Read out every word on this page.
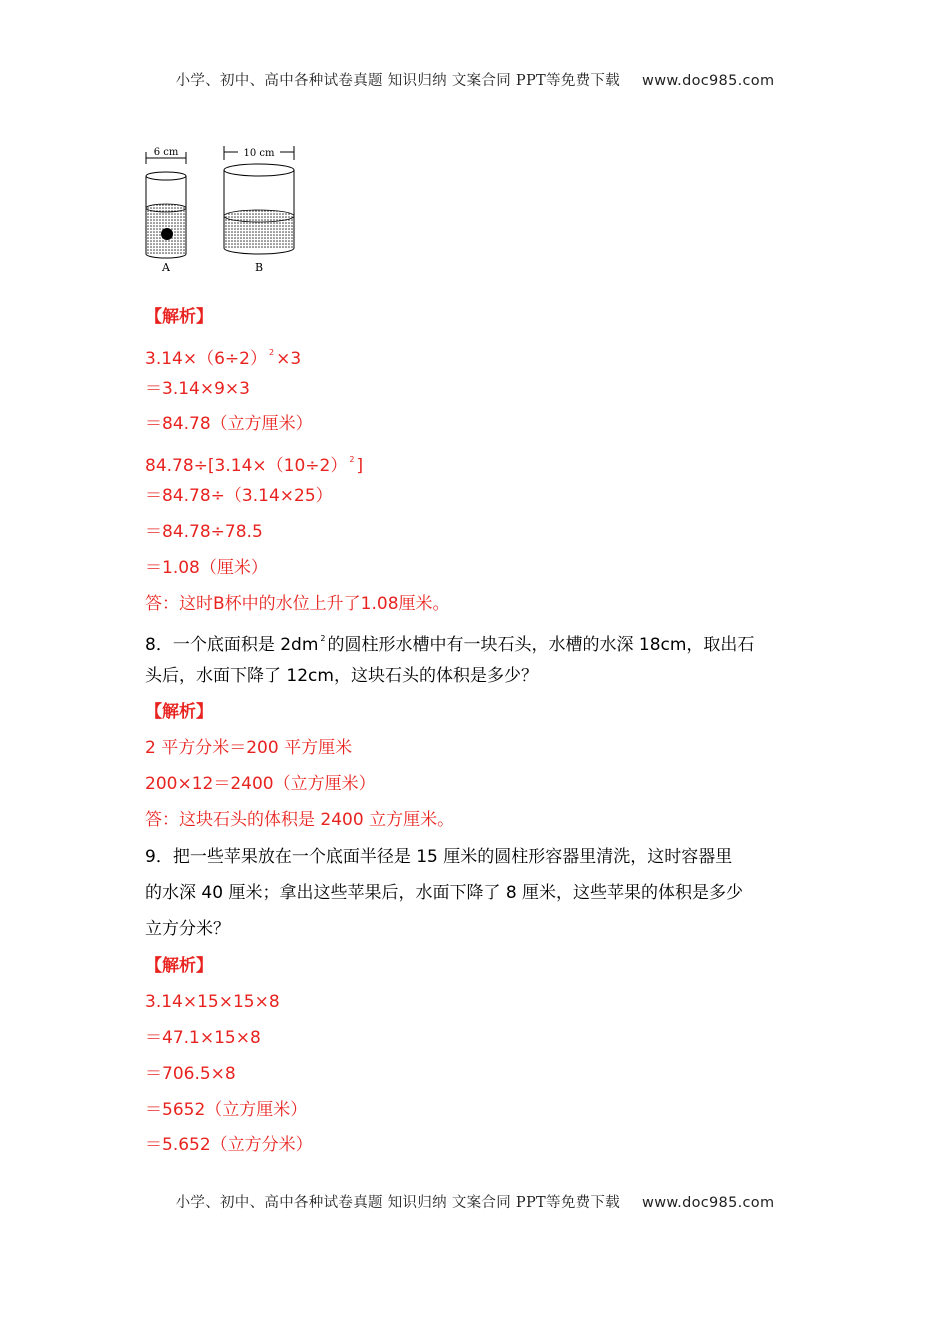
小学、初中、高中各种试卷真题 知识归纳 文案合同 PPT等免费下载 www.doc985.com
6 cm
A
10 cm
B
【解析】
3.14×（6÷2） $^2$ ×3
＝3.14×9×3
＝84.78（立方厘米）
84.78÷[3.14×（10÷2） $^2$ ]
＝84.78÷（3.14×25）
＝84.78÷78.5
＝1.08（厘米）
答：这时B杯中的水位上升了1.08厘米。
8．一个底面积是 2dm $^2$ 的圆柱形水槽中有一块石头，水槽的水深 18cm，取出石
头后，水面下降了 12cm，这块石头的体积是多少？
【解析】
2 平方分米＝200 平方厘米
200×12＝2400（立方厘米）
答：这块石头的体积是 2400 立方厘米。
9．把一些苹果放在一个底面半径是 15 厘米的圆柱形容器里清洗，这时容器里
的水深 40 厘米；拿出这些苹果后，水面下降了 8 厘米，这些苹果的体积是多少
立方分米？
【解析】
3.14×15×15×8
＝47.1×15×8
＝706.5×8
＝5652（立方厘米）
＝5.652（立方分米）
小学、初中、高中各种试卷真题 知识归纳 文案合同 PPT等免费下载 www.doc985.com
